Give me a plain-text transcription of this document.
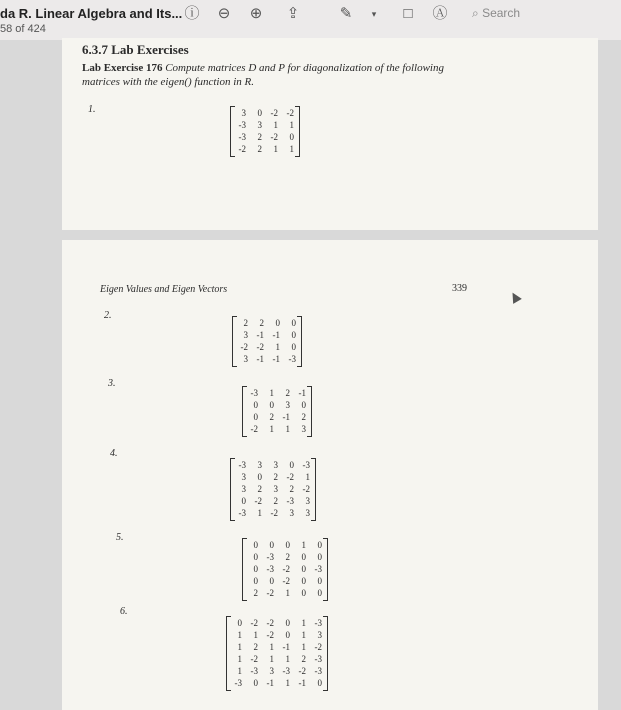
da R. Linear Algebra and Its...
58 of 424
ⓘ ⊖ ⊕ ⇪	✎	▾	□	Ⓐ ⌕ Search
6.3.7 Lab Exercises
Lab Exercise 176 Compute matrices D and P for diagonalization of the following matrices with the eigen() function in R.
1.	3	0 -2 -2
-3	3	1	1
-3	2 -2	0
-2	2	1	1
Eigen Values and Eigen Vectors	339
2.
2	2	0	0
3 -1 -1	0
-2 -2	1	0
3 -1 -1 -3
3.
-3	1	2 -1
0	0	3	0
0	2 -1	2
-2	1	1	3
4.
-3	3	3	0 -3
3	0	2 -2	1
3	2	3	2 -2
0 -2	2 -3	3
-3	1 -2	3	3
5.
0	0	0	1	0
0 -3	2	0	0
0 -3 -2	0 -3
0	0 -2	0	0
2 -2	1	0	0
6.
0 -2 -2	0	1 -3
1	1 -2	0	1	3
1	2	1 -1	1 -2
1 -2	1	1	2 -3
1 -3	3 -3 -2 -3
-3	0 -1	1 -1	0
